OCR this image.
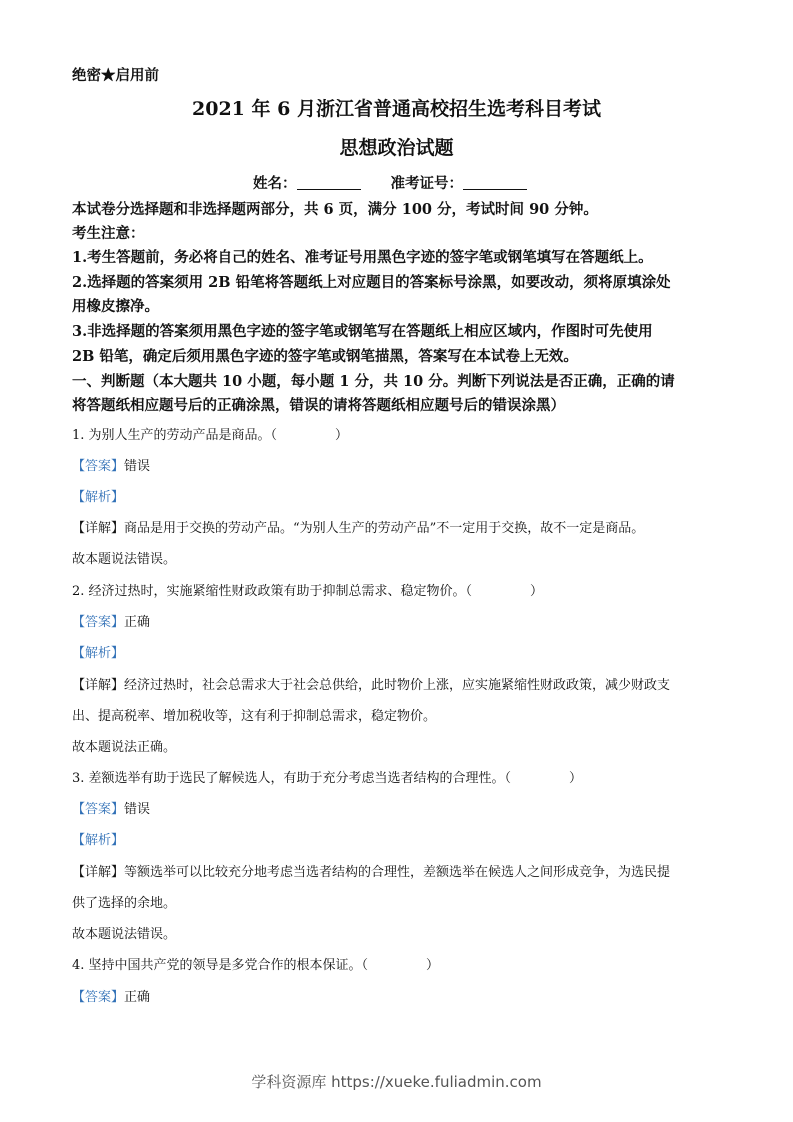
绝密★启用前
2021 年 6 月浙江省普通高校招生选考科目考试
思想政治试题
姓名：	准考证号：
本试卷分选择题和非选择题两部分，共 6 页，满分 100 分，考试时间 90 分钟。
考生注意：
1.考生答题前，务必将自己的姓名、准考证号用黑色字迹的签字笔或钢笔填写在答题纸上。
2.选择题的答案须用 2B 铅笔将答题纸上对应题目的答案标号涂黑，如要改动，须将原填涂处
用橡皮擦净。
3.非选择题的答案须用黑色字迹的签字笔或钢笔写在答题纸上相应区域内，作图时可先使用
2B 铅笔，确定后须用黑色字迹的签字笔或钢笔描黑，答案写在本试卷上无效。
一、判断题（本大题共 10 小题，每小题 1 分，共 10 分。判断下列说法是否正确，正确的请
将答题纸相应题号后的正确涂黑，错误的请将答题纸相应题号后的错误涂黑）
1. 为别人生产的劳动产品是商品。（	）
【答案】错误
【解析】
【详解】商品是用于交换的劳动产品。“为别人生产的劳动产品”不一定用于交换，故不一定是商品。
故本题说法错误。
2. 经济过热时，实施紧缩性财政政策有助于抑制总需求、稳定物价。（	）
【答案】正确
【解析】
【详解】经济过热时，社会总需求大于社会总供给，此时物价上涨，应实施紧缩性财政政策，减少财政支
出、提高税率、增加税收等，这有利于抑制总需求，稳定物价。
故本题说法正确。
3. 差额选举有助于选民了解候选人，有助于充分考虑当选者结构的合理性。（	）
【答案】错误
【解析】
【详解】等额选举可以比较充分地考虑当选者结构的合理性，差额选举在候选人之间形成竞争，为选民提
供了选择的余地。
故本题说法错误。
4. 坚持中国共产党的领导是多党合作的根本保证。（	）
【答案】正确
学科资源库 https://xueke.fuliadmin.com
